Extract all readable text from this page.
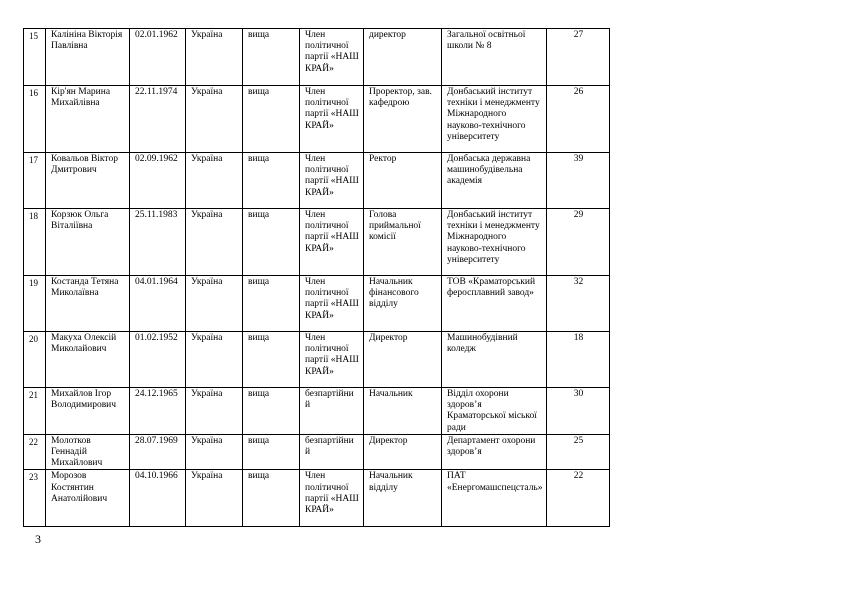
15	Калініна Вікторія Павлівна	02.01.1962	Україна	вища	Член політичної партії «НАШ КРАЙ»	директор	Загальної освітньої школи № 8	27

16	Кір'ян Марина Михайлівна	22.11.1974	Україна	вища	Член політичної партії «НАШ КРАЙ»	Проректор, зав. кафедрою	Донбаський інститут техніки і менеджменту Міжнародного науково-технічного університету	26

17	Ковальов Віктор Дмитрович	02.09.1962	Україна	вища	Член політичної партії «НАШ КРАЙ»	Ректор	Донбаська державна машинобудівельна академія	39

18	Корзюк Ольга Віталіївна	25.11.1983	Україна	вища	Член політичної партії «НАШ КРАЙ»	Голова приймальної комісії	Донбаський інститут техніки і менеджменту Міжнародного науково-технічного університету	29

19	Костанда Тетяна Миколаївна	04.01.1964	Україна	вища	Член політичної партії «НАШ КРАЙ»	Начальник фінансового відділу	ТОВ «Краматорський феросплавний завод»	32

20	Макуха Олексій Миколайович	01.02.1952	Україна	вища	Член політичної партії «НАШ КРАЙ»	Директор	Машинобудівний коледж	18

21	Михайлов Ігор Володимирович	24.12.1965	Україна	вища	безпартійни й	Начальник	Відділ охорони здоров’я Краматорської міської ради	30

22	Молотков Геннадій Михайлович	28.07.1969	Україна	вища	безпартійни й	Директор	Департамент охорони здоров’я	25

23	Морозов Костянтин Анатолійович	04.10.1966	Україна	вища	Член політичної партії «НАШ КРАЙ»	Начальник відділу	ПАТ «Енергомашспецсталь»	22
3
